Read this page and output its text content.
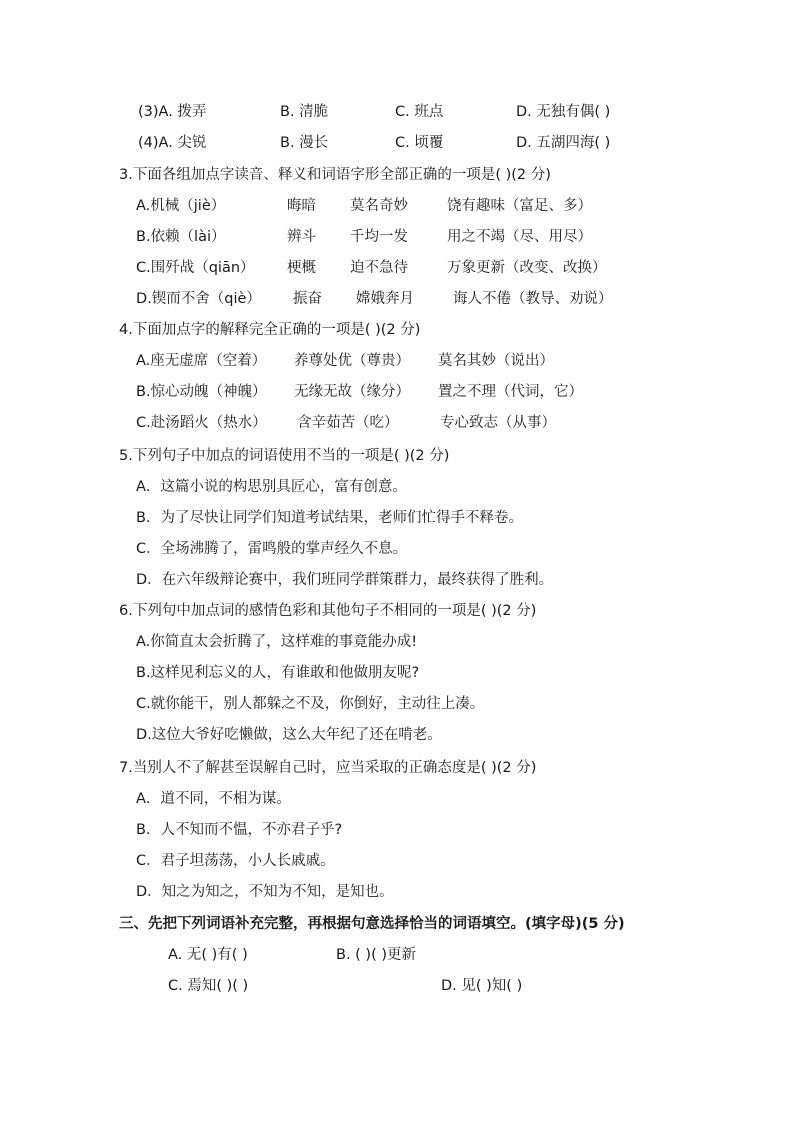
(3)A. 拨弄	B. 清脆	C. 班点	D. 无独有偶( )
(4)A. 尖锐	B. 漫长	C. 顷覆	D. 五湖四海( )
3.下面各组加点字读音、释义和词语字形全部正确的一项是( )(2 分)
A.机械（jiè）	晦暗 莫名奇妙	饶有趣味（富足、多）
B.依赖（lài）	辨斗 千均一发	用之不竭（尽、用尽）
C.围歼战（qiān） 梗概 迫不急待	万象更新（改变、改换）
D.锲而不舍（qiè） 振奋 嫦娥奔月	诲人不倦（教导、劝说）
4.下面加点字的解释完全正确的一项是( )(2 分)
A.座无虚席（空着） 养尊处优（尊贵） 莫名其妙（说出）
B.惊心动魄（神魄） 无缘无故（缘分） 置之不理（代词，它）
C.赴汤蹈火（热水） 含辛茹苦（吃）	专心致志（从事）
5.下列句子中加点的词语使用不当的一项是( )(2 分)
A．这篇小说的构思别具匠心，富有创意。
B．为了尽快让同学们知道考试结果，老师们忙得手不释卷。
C．全场沸腾了，雷鸣般的掌声经久不息。
D．在六年级辩论赛中，我们班同学群策群力，最终获得了胜利。
6.下列句中加点词的感情色彩和其他句子不相同的一项是( )(2 分)
A.你简直太会折腾了，这样难的事竟能办成!
B.这样见利忘义的人，有谁敢和他做朋友呢?
C.就你能干，别人都躲之不及，你倒好，主动往上凑。
D.这位大爷好吃懒做，这么大年纪了还在啃老。
7.当别人不了解甚至误解自己时，应当采取的正确态度是( )(2 分)
A．道不同，不相为谋。
B．人不知而不愠，不亦君子乎?
C．君子坦荡荡，小人长戚戚。
D．知之为知之，不知为不知，是知也。
三、先把下列词语补充完整，再根据句意选择恰当的词语填空。(填字母)(5 分)
A. 无( )有( )	B. ( )( )更新
C. 焉知( )( )	D. 见( )知( )
